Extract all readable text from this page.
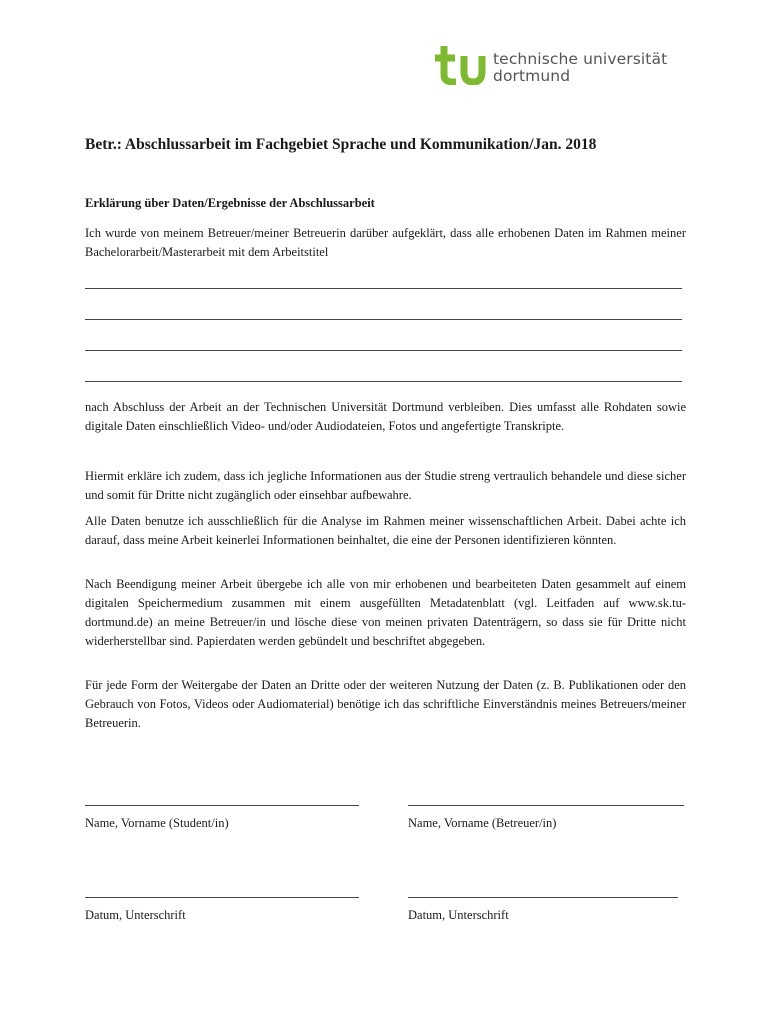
technische universität
dortmund
Betr.: Abschlussarbeit im Fachgebiet Sprache und Kommunikation/Jan. 2018
Erklärung über Daten/Ergebnisse der Abschlussarbeit
Ich wurde von meinem Betreuer/meiner Betreuerin darüber aufgeklärt, dass alle erhobenen Daten im Rahmen meiner Bachelorarbeit/Masterarbeit mit dem Arbeitstitel
nach Abschluss der Arbeit an der Technischen Universität Dortmund verbleiben. Dies umfasst alle Rohdaten sowie digitale Daten einschließlich Video- und/oder Audiodateien, Fotos und angefertigte Transkripte.
Hiermit erkläre ich zudem, dass ich jegliche Informationen aus der Studie streng vertraulich behandele und diese sicher und somit für Dritte nicht zugänglich oder einsehbar aufbewahre.
Alle Daten benutze ich ausschließlich für die Analyse im Rahmen meiner wissenschaftlichen Arbeit. Dabei achte ich darauf, dass meine Arbeit keinerlei Informationen beinhaltet, die eine der Personen identifizieren könnten.
Nach Beendigung meiner Arbeit übergebe ich alle von mir erhobenen und bearbeiteten Daten gesammelt auf einem digitalen Speichermedium zusammen mit einem ausgefüllten Metadatenblatt (vgl. Leitfaden auf www.sk.tu-dortmund.de) an meine Betreuer/in und lösche diese von meinen privaten Datenträgern, so dass sie für Dritte nicht widerherstellbar sind. Papierdaten werden gebündelt und beschriftet abgegeben.
Für jede Form der Weitergabe der Daten an Dritte oder der weiteren Nutzung der Daten (z. B. Publikationen oder den Gebrauch von Fotos, Videos oder Audiomaterial) benötige ich das schriftliche Einverständnis meines Betreuers/meiner Betreuerin.
Name, Vorname (Student/in)	Name, Vorname (Betreuer/in)
Datum, Unterschrift	Datum, Unterschrift
